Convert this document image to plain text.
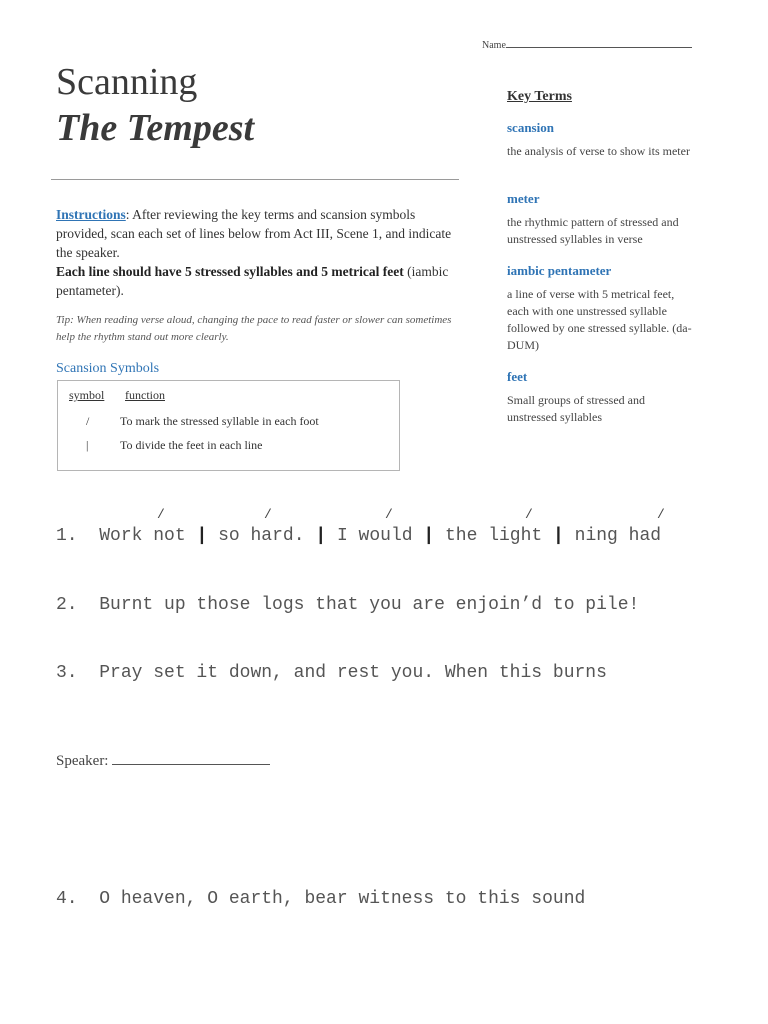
Name
Scanning
The Tempest
Instructions: After reviewing the key terms and scansion symbols provided, scan each set of lines below from Act III, Scene 1, and indicate the speaker.
Each line should have 5 stressed syllables and 5 metrical feet (iambic pentameter).
Tip: When reading verse aloud, changing the pace to read faster or slower can sometimes help the rhythm stand out more clearly.
Scansion Symbols
symbol function
/	To mark the stressed syllable in each foot
|	To divide the feet in each line
Key Terms
scansion
the analysis of verse to show its meter
meter
the rhythmic pattern of stressed and unstressed syllables in verse
iambic pentameter
a line of verse with 5 metrical feet, each with one unstressed syllable followed by one stressed syllable. (da-DUM)
feet
Small groups of stressed and unstressed syllables
/	/	/	/	/
1. Work not | so hard. | I would | the light | ning had
2. Burnt up those logs that you are enjoin’d to pile!
3. Pray set it down, and rest you. When this burns
Speaker:
4. O heaven, O earth, bear witness to this sound
